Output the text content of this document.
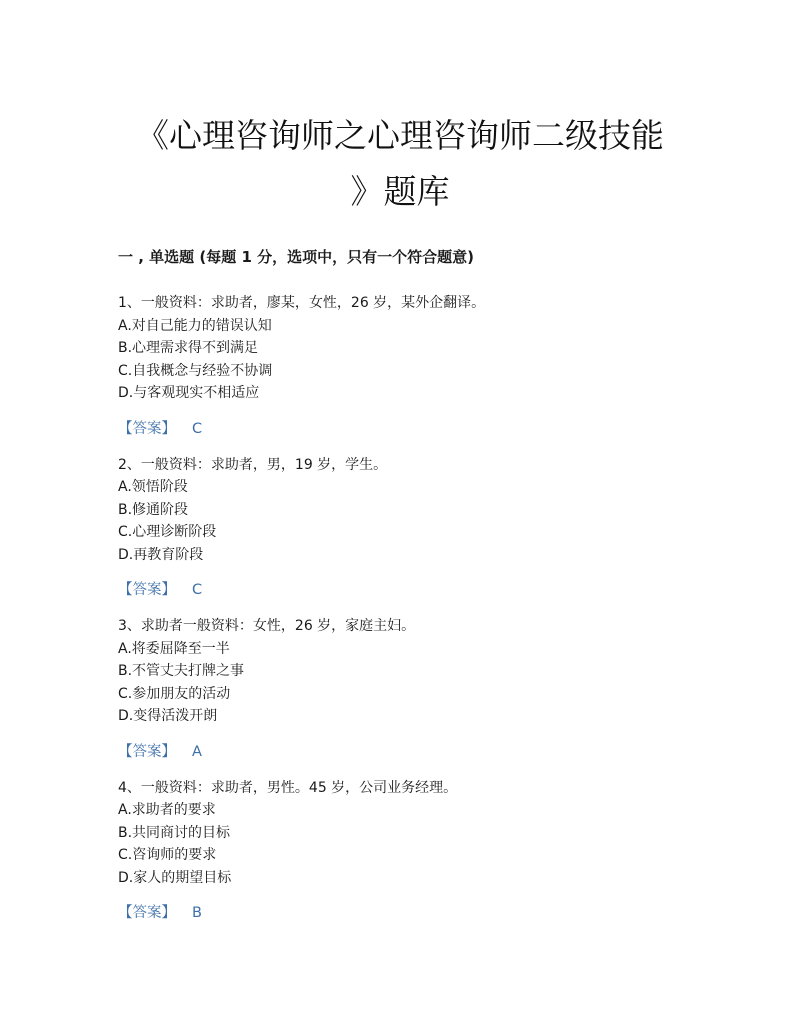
《心理咨询师之心理咨询师二级技能
》题库
一 , 单选题 (每题 1 分，选项中，只有一个符合题意)
1、一般资料：求助者，廖某，女性，26 岁，某外企翻译。
A.对自己能力的错误认知
B.心理需求得不到满足
C.自我概念与经验不协调
D.与客观现实不相适应
【答案】 C
2、一般资料：求助者，男，19 岁，学生。
A.领悟阶段
B.修通阶段
C.心理诊断阶段
D.再教育阶段
【答案】 C
3、求助者一般资料：女性，26 岁，家庭主妇。
A.将委屈降至一半
B.不管丈夫打牌之事
C.参加朋友的活动
D.变得活泼开朗
【答案】 A
4、一般资料：求助者，男性。45 岁，公司业务经理。
A.求助者的要求
B.共同商讨的目标
C.咨询师的要求
D.家人的期望目标
【答案】 B
